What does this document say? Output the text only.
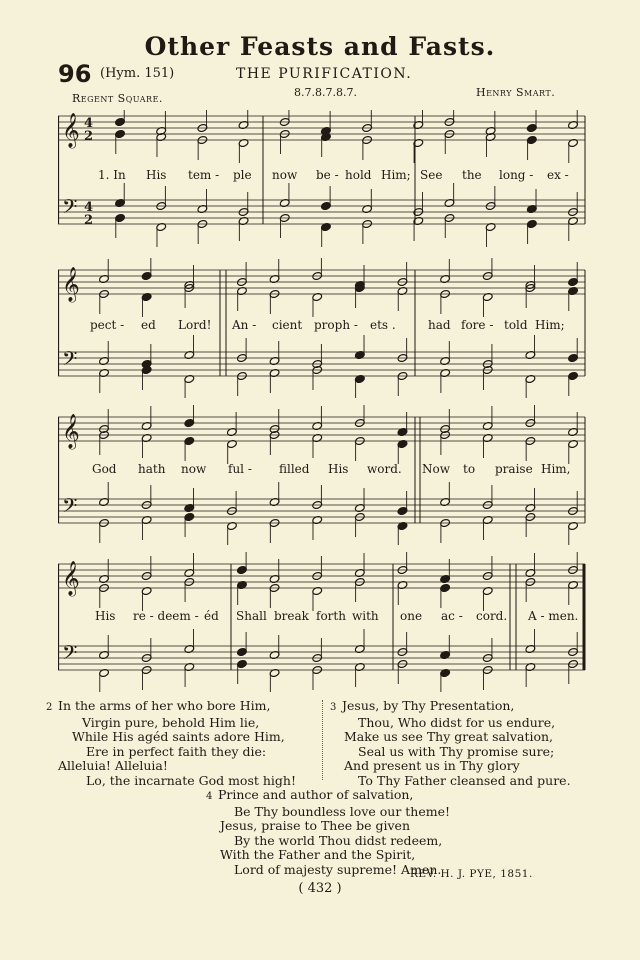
Other Feasts and Fasts.
96 (Hym. 151)	THE PURIFICATION.
8.7.8.7.8.7.
Regent Square.	Henry Smart.
𝄞
𝄢
4
2
4
2
1. In His tem - ple now be - hold Him; See the long - ex -
𝄞
𝄢
pect - ed Lord! An - cient proph - ets .	had fore - told Him;
𝄞
𝄢
God hath now ful - filled His word. Now to praise Him,
𝄞
𝄢
His re - deem - éd Shall break forth with one ac - cord. A - men.
2 In the arms of her who bore Him,
Virgin pure, behold Him lie,
While His agéd saints adore Him,
Ere in perfect faith they die:
Alleluia! Alleluia!
Lo, the incarnate God most high!
3 Jesus, by Thy Presentation,
Thou, Who didst for us endure,
Make us see Thy great salvation,
Seal us with Thy promise sure;
And present us in Thy glory
To Thy Father cleansed and pure.
4 Prince and author of salvation,
Be Thy boundless love our theme!
Jesus, praise to Thee be given
By the world Thou didst redeem,
With the Father and the Spirit,
Lord of majesty supreme! Amen.
REV. H. J. PYE, 1851.
( 432 )
